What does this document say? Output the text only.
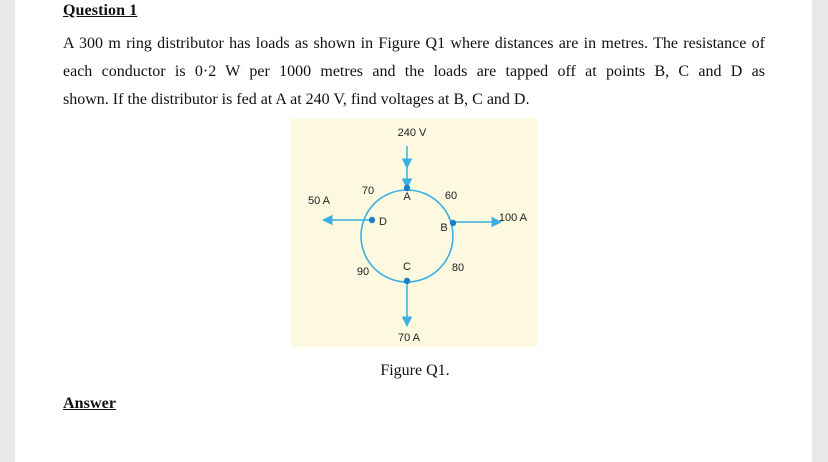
Question 1
A 300 m ring distributor has loads as shown in Figure Q1 where distances are in metres. The resistance of
each conductor is 0·2 W per 1000 metres and the loads are tapped off at points B, C and D as
shown. If the distributor is fed at A at 240 V, find voltages at B, C and D.
240 V
A
B
C
D
60
80
90
70
50 A
100 A
70 A
Figure Q1.
Answer
